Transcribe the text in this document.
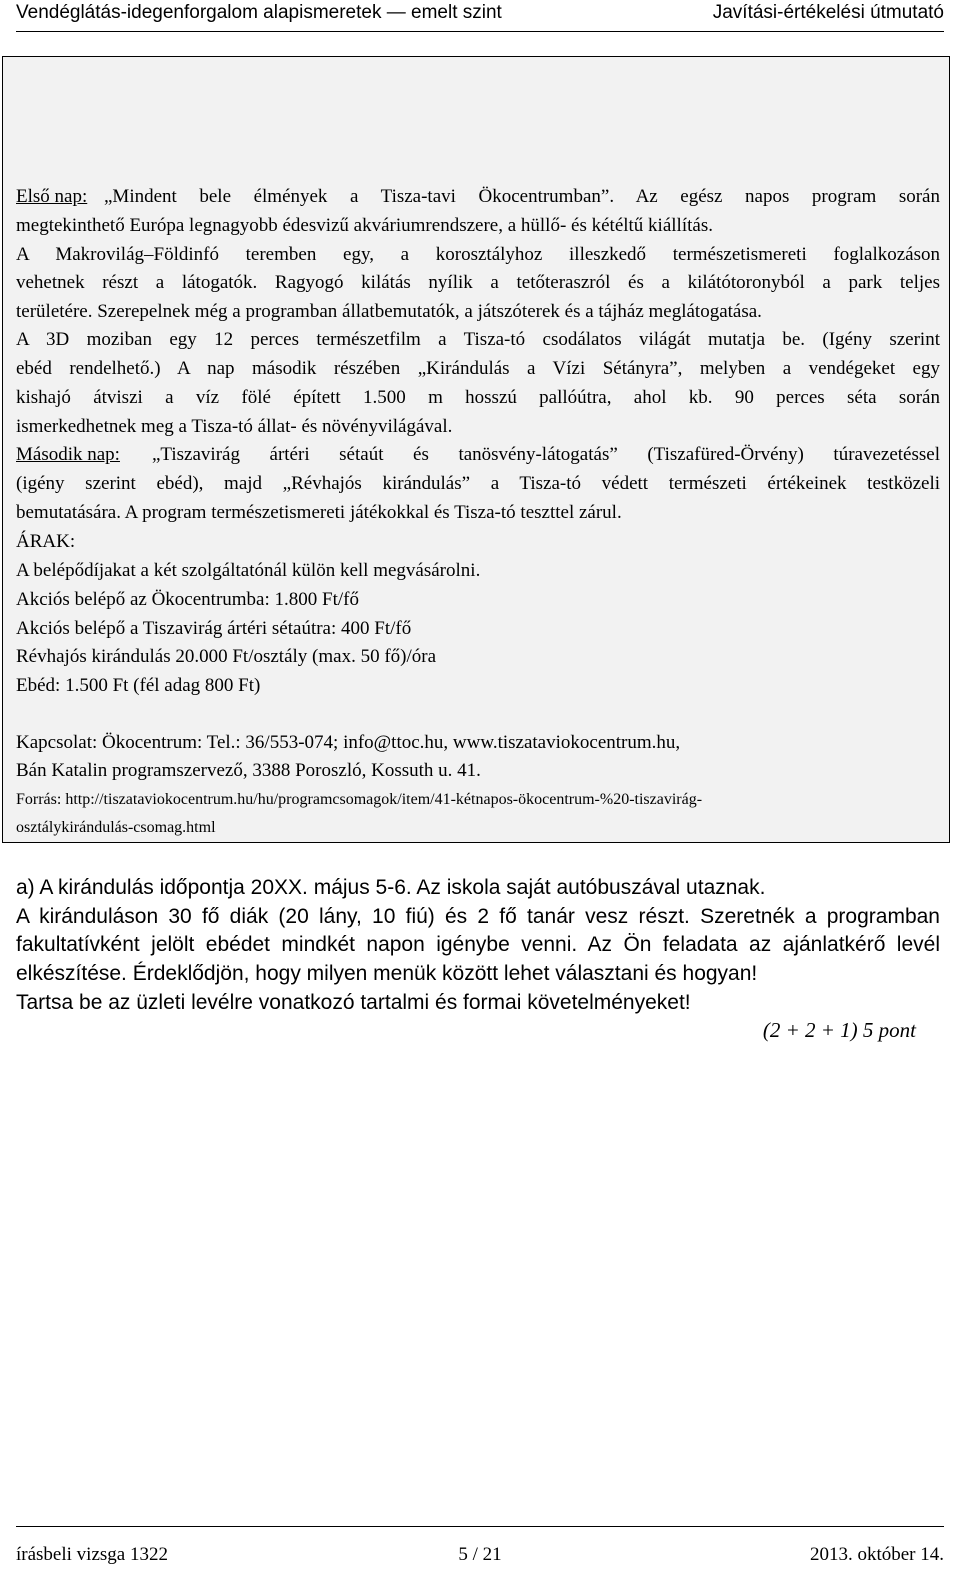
Vendéglátás-idegenforgalom alapismeretek — emelt szint	Javítási-értékelési útmutató
Első nap: „Mindent bele élmények a Tisza-tavi Ökocentrumban”. Az egész napos program során
megtekinthető Európa legnagyobb édesvizű akváriumrendszere, a hüllő- és kétéltű kiállítás.
A Makrovilág–Földinfó teremben egy, a korosztályhoz illeszkedő természetismereti foglalkozáson
vehetnek részt a látogatók. Ragyogó kilátás nyílik a tetőteraszról és a kilátótoronyból a park teljes
területére. Szerepelnek még a programban állatbemutatók, a játszóterek és a tájház meglátogatása.
A 3D moziban egy 12 perces természetfilm a Tisza-tó csodálatos világát mutatja be. (Igény szerint
ebéd rendelhető.) A nap második részében „Kirándulás a Vízi Sétányra”, melyben a vendégeket egy
kishajó átviszi a víz fölé épített 1.500 m hosszú pallóútra, ahol kb. 90 perces séta során
ismerkedhetnek meg a Tisza-tó állat- és növényvilágával.
Második nap: „Tiszavirág ártéri sétaút és tanösvény-látogatás” (Tiszafüred-Örvény) túravezetéssel
(igény szerint ebéd), majd „Révhajós kirándulás” a Tisza-tó védett természeti értékeinek testközeli
bemutatására. A program természetismereti játékokkal és Tisza-tó teszttel zárul.
ÁRAK:
A belépődíjakat a két szolgáltatónál külön kell megvásárolni.
Akciós belépő az Ökocentrumba: 1.800 Ft/fő
Akciós belépő a Tiszavirág ártéri sétaútra: 400 Ft/fő
Révhajós kirándulás 20.000 Ft/osztály (max. 50 fő)/óra
Ebéd: 1.500 Ft (fél adag 800 Ft)
Kapcsolat: Ökocentrum: Tel.: 36/553-074; info@ttoc.hu, www.tiszataviokocentrum.hu,
Bán Katalin programszervező, 3388 Poroszló, Kossuth u. 41.
Forrás: http://tiszataviokocentrum.hu/hu/programcsomagok/item/41-kétnapos-ökocentrum-%20-tiszavirág-
osztálykirándulás-csomag.html
a) A kirándulás időpontja 20XX. május 5-6. Az iskola saját autóbuszával utaznak.
A kiránduláson 30 fő diák (20 lány, 10 fiú) és 2 fő tanár vesz részt. Szeretnék a programban
fakultatívként jelölt ebédet mindkét napon igénybe venni. Az Ön feladata az ajánlatkérő levél
elkészítése. Érdeklődjön, hogy milyen menük között lehet választani és hogyan!
Tartsa be az üzleti levélre vonatkozó tartalmi és formai követelményeket!
(2 + 2 + 1) 5 pont
írásbeli vizsga 1322	5 / 21	2013. október 14.
